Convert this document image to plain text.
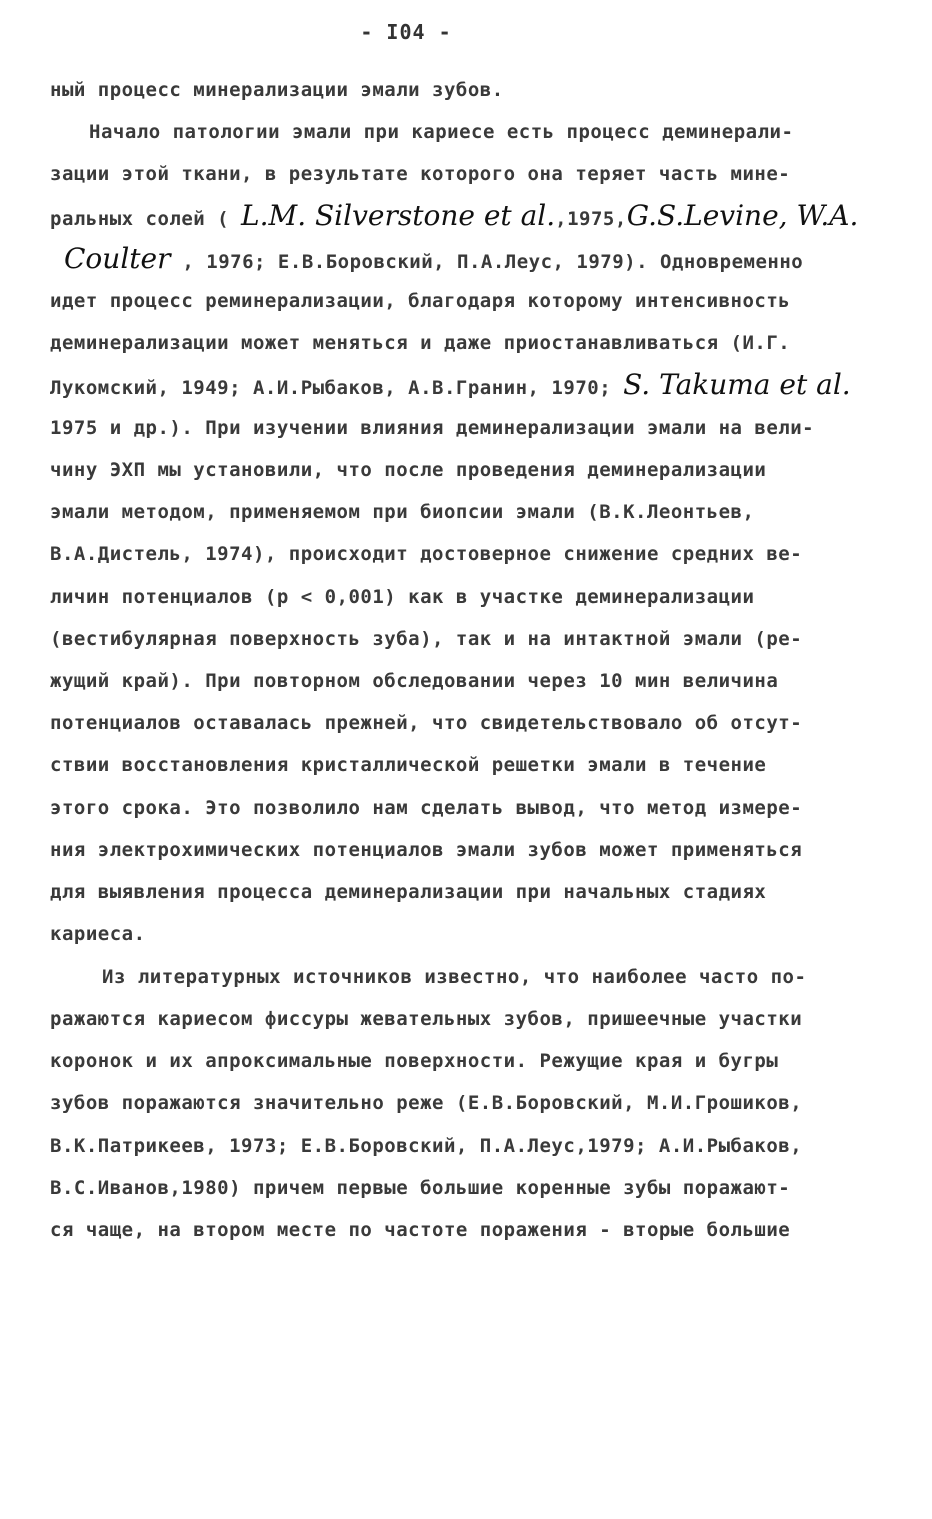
- I04 -
ный процесс минерализации эмали зубов.
Начало патологии эмали при кариесе есть процесс деминерали-
зации этой ткани, в результате которого она теряет часть мине-
ральных солей ( L.M. Silverstone et al.,1975,G.S.Levine, W.A.
Coulter , 1976; Е.В.Боровский, П.А.Леус, 1979). Одновременно
идет процесс реминерализации, благодаря которому интенсивность
деминерализации может меняться и даже приостанавливаться (И.Г.
Лукомский, 1949; А.И.Рыбаков, А.В.Гранин, 1970; S. Takuma et al.
1975 и др.). При изучении влияния деминерализации эмали на вели-
чину ЭХП мы установили, что после проведения деминерализации
эмали методом, применяемом при биопсии эмали (В.К.Леонтьев,
В.А.Дистель, 1974), происходит достоверное снижение средних ве-
личин потенциалов (р < 0,001) как в участке деминерализации
(вестибулярная поверхность зуба), так и на интактной эмали (ре-
жущий край). При повторном обследовании через 10 мин величина
потенциалов оставалась прежней, что свидетельствовало об отсут-
ствии восстановления кристаллической решетки эмали в течение
этого срока. Это позволило нам сделать вывод, что метод измере-
ния электрохимических потенциалов эмали зубов может применяться
для выявления процесса деминерализации при начальных стадиях
кариеса.
Из литературных источников известно, что наиболее часто по-
ражаются кариесом фиссуры жевательных зубов, пришеечные участки
коронок и их апроксимальные поверхности. Режущие края и бугры
зубов поражаются значительно реже (Е.В.Боровский, М.И.Грошиков,
В.К.Патрикеев, 1973; Е.В.Боровский, П.А.Леус,1979; А.И.Рыбаков,
В.С.Иванов,1980) причем первые большие коренные зубы поражают-
ся чаще, на втором месте по частоте поражения - вторые большие
